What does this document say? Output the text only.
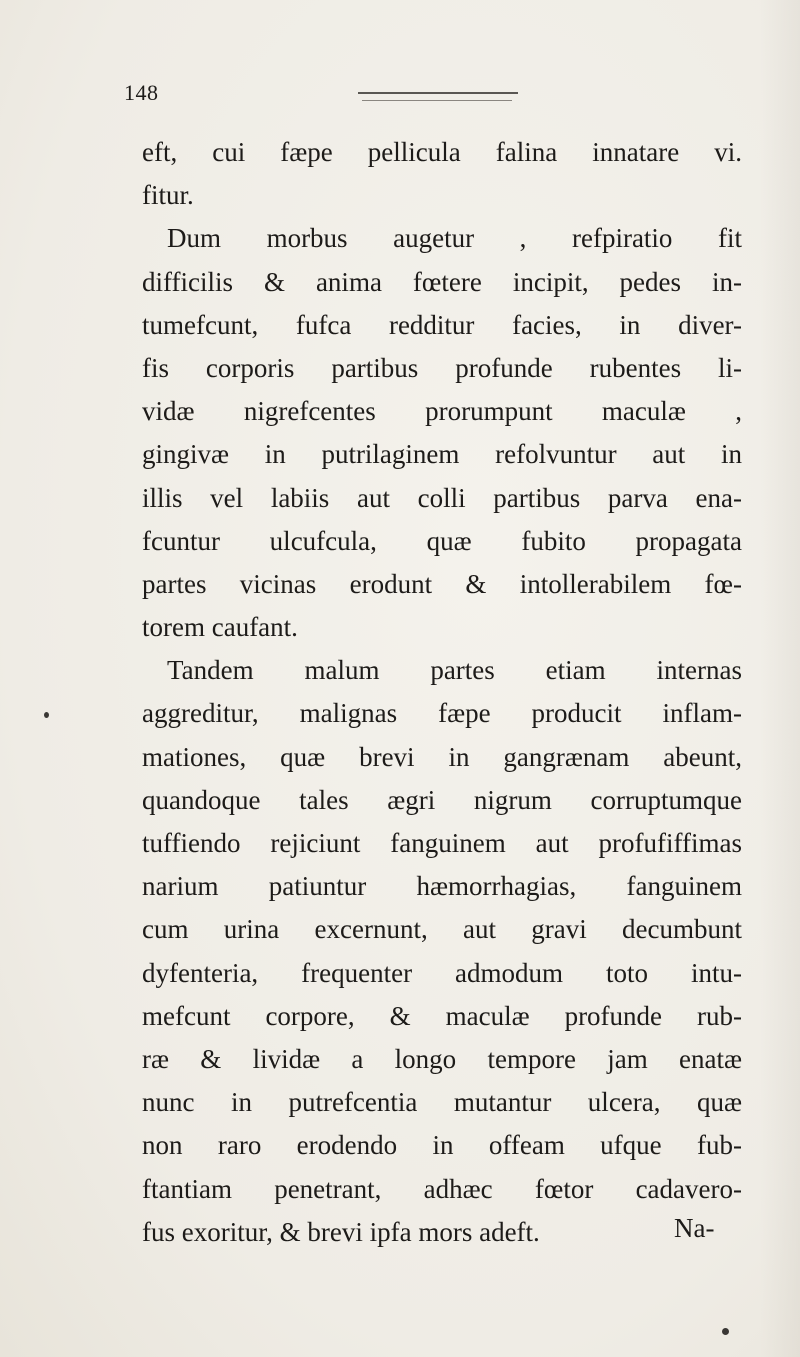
148
eft, cui fæpe pellicula falina innatare vi.
fitur.
Dum morbus augetur , refpiratio fit
difficilis & anima fœtere incipit, pedes in-
tumefcunt, fufca redditur facies, in diver-
fis corporis partibus profunde rubentes li-
vidæ nigrefcentes prorumpunt maculæ ,
gingivæ in putrilaginem refolvuntur aut in
illis vel labiis aut colli partibus parva ena-
fcuntur ulcufcula, quæ fubito propagata
partes vicinas erodunt & intollerabilem fœ-
torem caufant.
Tandem malum partes etiam internas
aggreditur, malignas fæpe producit inflam-
mationes, quæ brevi in gangrænam abeunt,
quandoque tales ægri nigrum corruptumque
tuffiendo rejiciunt fanguinem aut profufiffimas
narium patiuntur hæmorrhagias, fanguinem
cum urina excernunt, aut gravi decumbunt
dyfenteria, frequenter admodum toto intu-
mefcunt corpore, & maculæ profunde rub-
ræ & lividæ a longo tempore jam enatæ
nunc in putrefcentia mutantur ulcera, quæ
non raro erodendo in offeam ufque fub-
ftantiam penetrant, adhæc fœtor cadavero-
fus exoritur, & brevi ipfa mors adeft.	Na-
